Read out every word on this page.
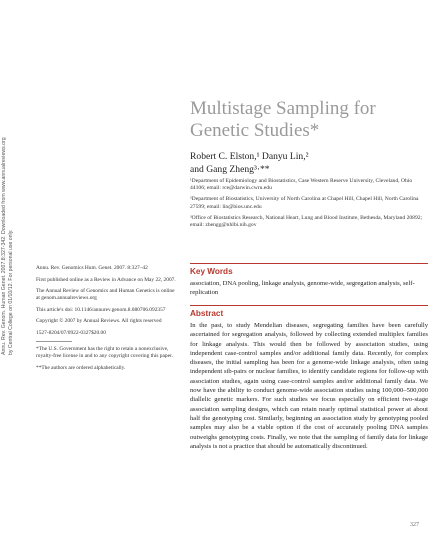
Annu. Rev. Genom. Human Genet. 2007.8:327-342. Downloaded from www.annualreviews.org by Central College on 01/10/12. For personal use only.
Multistage Sampling for
Genetic Studies*
Robert C. Elston,¹ Danyu Lin,²
and Gang Zheng³·**
¹Department of Epidemiology and Biostatistics, Case Western Reserve University, Cleveland, Ohio 44106; email: rce@darwin.cwru.edu
²Department of Biostatistics, University of North Carolina at Chapel Hill, Chapel Hill, North Carolina 27599; email: lin@bios.unc.edu
³Office of Biostatistics Research, National Heart, Lung and Blood Institute, Bethesda, Maryland 20892; email: zhengg@nhlbi.nih.gov

Annu. Rev. Genomics Hum. Genet. 2007. 8:327–42

First published online as a Review in Advance on May 22, 2007.

The Annual Review of Genomics and Human Genetics is online at genom.annualreviews.org

This article's doi: 10.1146/annurev.genom.8.080706.092357

Copyright © 2007 by Annual Reviews. All rights reserved

1527-8204/07/0922-0327$20.00

*The U.S. Government has the right to retain a nonexclusive, royalty-free license in and to any copyright covering this paper.

**The authors are ordered alphabetically.

Key Words
association, DNA pooling, linkage analysis, genome-wide, segregation analysis, self-replication
Abstract
In the past, to study Mendelian diseases, segregating families have been carefully ascertained for segregation analysis, followed by collecting extended multiplex families for linkage analysis. This would then be followed by association studies, using independent case-control samples and/or additional family data. Recently, for complex diseases, the initial sampling has been for a genome-wide linkage analysis, often using independent sib-pairs or nuclear families, to identify candidate regions for follow-up with association studies, again using case-control samples and/or additional family data. We now have the ability to conduct genome-wide association studies using 100,000–500,000 diallelic genetic markers. For such studies we focus especially on efficient two-stage association sampling designs, which can retain nearly optimal statistical power at about half the genotyping cost. Similarly, beginning an association study by genotyping pooled samples may also be a viable option if the cost of accurately pooling DNA samples outweighs genotyping costs. Finally, we note that the sampling of family data for linkage analysis is not a practice that should be automatically discontinued.
327
